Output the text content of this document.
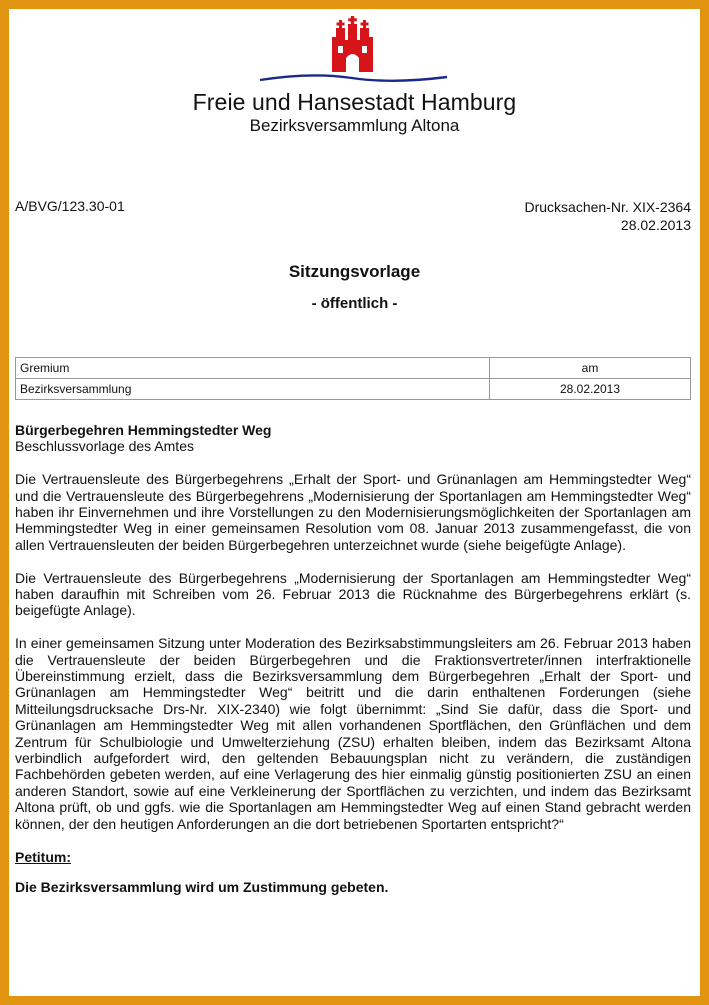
Freie und Hansestadt Hamburg
Bezirksversammlung Altona
A/BVG/123.30-01	Drucksachen-Nr. XIX-2364
28.02.2013
Sitzungsvorlage
- öffentlich -
Gremium	am
Bezirksversammlung	28.02.2013

Bürgerbegehren Hemmingstedter Weg

Beschlussvorlage des Amtes

Die Vertrauensleute des Bürgerbegehrens „Erhalt der Sport- und Grünanlagen am Hemmingstedter Weg“ und die Vertrauensleute des Bürgerbegehrens „Modernisierung der Sportanlagen am Hemmingstedter Weg“ haben ihr Einvernehmen und ihre Vorstellungen zu den Modernisierungsmöglichkeiten der Sportanlagen am Hemmingstedter Weg in einer gemeinsamen Resolution vom 08. Januar 2013 zusammengefasst, die von allen Vertrauensleuten der beiden Bürgerbegehren unterzeichnet wurde (siehe beigefügte Anlage).

Die Vertrauensleute des Bürgerbegehrens „Modernisierung der Sportanlagen am Hemmingstedter Weg“ haben daraufhin mit Schreiben vom 26. Februar 2013 die Rücknahme des Bürgerbegehrens erklärt (s. beigefügte Anlage).

In einer gemeinsamen Sitzung unter Moderation des Bezirksabstimmungsleiters am 26. Februar 2013 haben die Vertrauensleute der beiden Bürgerbegehren und die Fraktionsvertreter/innen interfraktionelle Übereinstimmung erzielt, dass die Bezirksversammlung dem Bürgerbegehren „Erhalt der Sport- und Grünanlagen am Hemmingstedter Weg“ beitritt und die darin enthaltenen Forderungen (siehe Mitteilungsdrucksache Drs-Nr. XIX-2340) wie folgt übernimmt: „Sind Sie dafür, dass die Sport- und Grünanlagen am Hemmingstedter Weg mit allen vorhandenen Sportflächen, den Grünflächen und dem Zentrum für Schulbiologie und Umwelterziehung (ZSU) erhalten bleiben, indem das Bezirksamt Altona verbindlich aufgefordert wird, den geltenden Bebauungsplan nicht zu verändern, die zuständigen Fachbehörden gebeten werden, auf eine Verlagerung des hier einmalig günstig positionierten ZSU an einen anderen Standort, sowie auf eine Verkleinerung der Sportflächen zu verzichten, und indem das Bezirksamt Altona prüft, ob und ggfs. wie die Sportanlagen am Hemmingstedter Weg auf einen Stand gebracht werden können, der den heutigen Anforderungen an die dort betriebenen Sportarten entspricht?“

Petitum:

Die Bezirksversammlung wird um Zustimmung gebeten.
